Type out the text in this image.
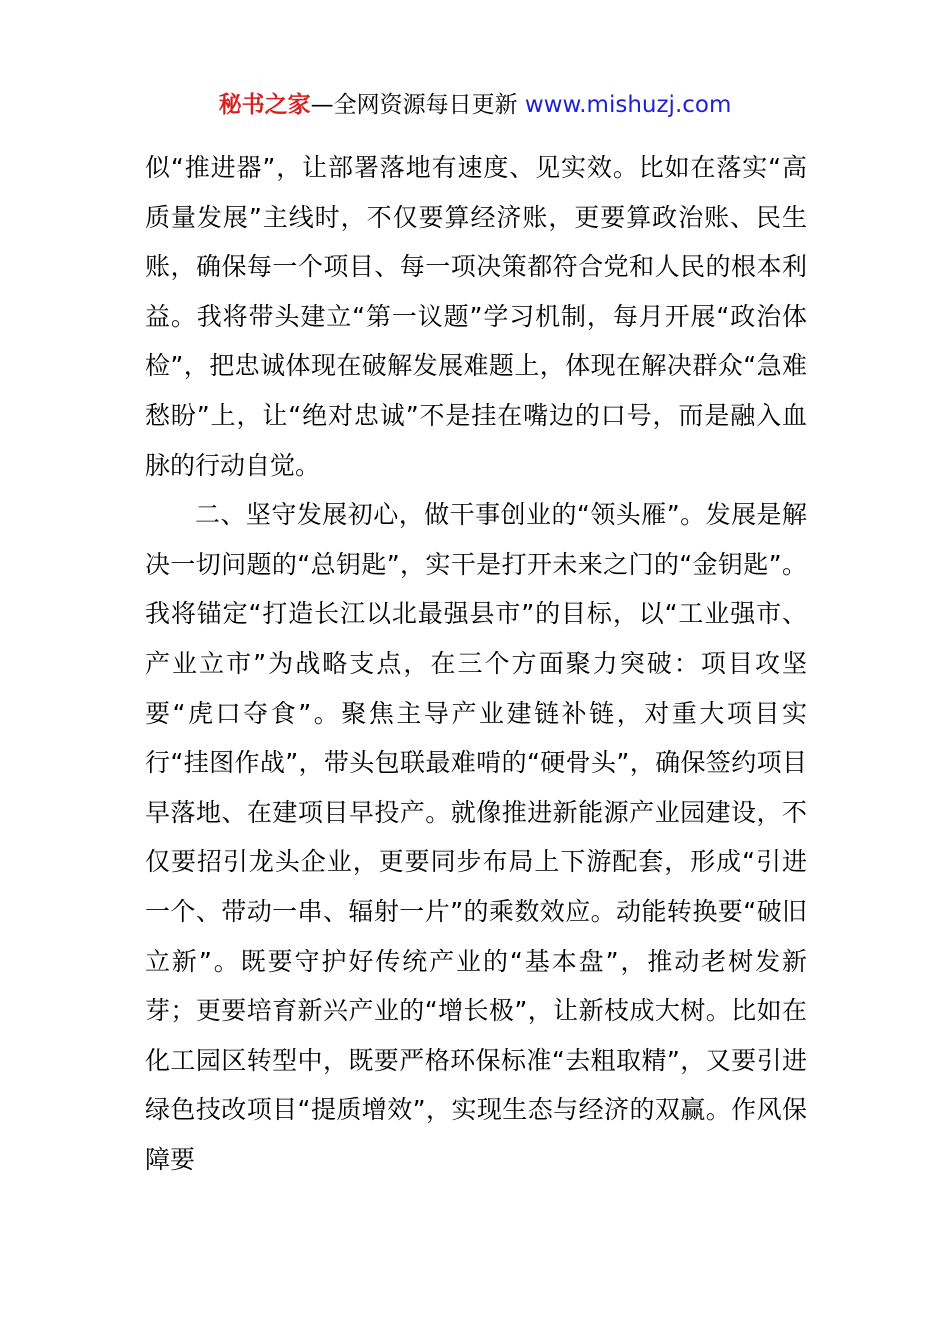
秘书之家—全网资源每日更新 www.mishuzj.com

似“推进器”，让部署落地有速度、见实效。比如在落实“高质量发展”主线时，不仅要算经济账，更要算政治账、民生账，确保每一个项目、每一项决策都符合党和人民的根本利益。我将带头建立“第一议题”学习机制，每月开展“政治体检”，把忠诚体现在破解发展难题上，体现在解决群众“急难愁盼”上，让“绝对忠诚”不是挂在嘴边的口号，而是融入血脉的行动自觉。

二、坚守发展初心，做干事创业的“领头雁”。发展是解决一切问题的“总钥匙”，实干是打开未来之门的“金钥匙”。我将锚定“打造长江以北最强县市”的目标，以“工业强市、产业立市”为战略支点，在三个方面聚力突破：项目攻坚要“虎口夺食”。聚焦主导产业建链补链，对重大项目实行“挂图作战”，带头包联最难啃的“硬骨头”，确保签约项目早落地、在建项目早投产。就像推进新能源产业园建设，不仅要招引龙头企业，更要同步布局上下游配套，形成“引进一个、带动一串、辐射一片”的乘数效应。动能转换要“破旧立新”。既要守护好传统产业的“基本盘”，推动老树发新芽；更要培育新兴产业的“增长极”，让新枝成大树。比如在化工园区转型中，既要严格环保标准“去粗取精”，又要引进绿色技改项目“提质增效”，实现生态与经济的双赢。作风保障要
